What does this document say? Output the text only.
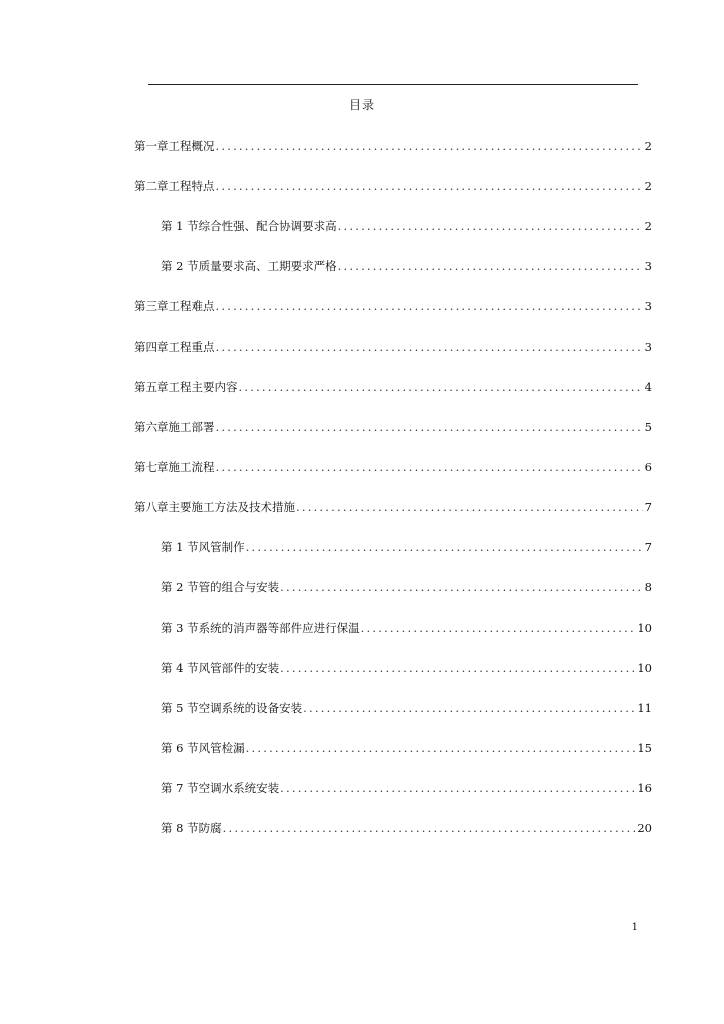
目录
第一章 工程概况 .....	2
第二章 工程特点 .....	2
第 1 节 综合性强、配合协调要求高 .....	2
第 2 节 质量要求高、工期要求严格 .....	3
第三章 工程难点 .....	3
第四章 工程重点 .....	3
第五章 工程主要内容 .....	4
第六章 施工部署 .....	5
第七章 施工流程 .....	6
第八章 主要施工方法及技术措施 .....	7
第 1 节 风管制作 .....	7
第 2 节 管的组合与安装 .....	8
第 3 节 系统的消声器等部件应进行保温 .....	10
第 4 节 风管部件的安装 .....	10
第 5 节 空调系统的设备安装 .....	11
第 6 节 风管检漏 .....	15
第 7 节 空调水系统安装 .....	16
第 8 节 防腐 .....	20
1
